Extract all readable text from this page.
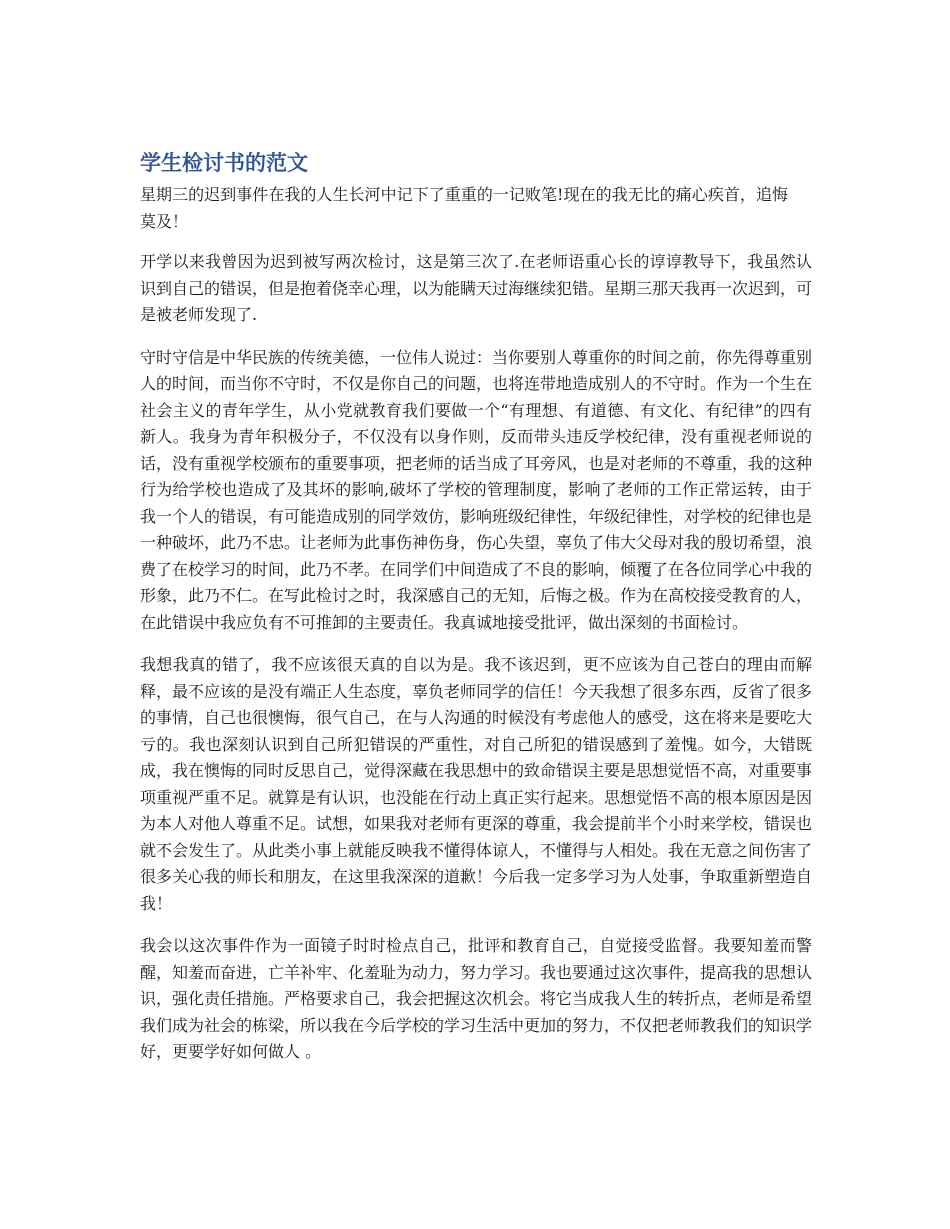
学生检讨书的范文

星期三的迟到事件在我的人生长河中记下了重重的一记败笔!现在的我无比的痛心疾首，追悔莫及！

开学以来我曾因为迟到被写两次检讨，这是第三次了.在老师语重心长的谆谆教导下，我虽然认识到自己的错误，但是抱着侥幸心理，以为能瞒天过海继续犯错。星期三那天我再一次迟到，可是被老师发现了.

守时守信是中华民族的传统美德，一位伟人说过：当你要别人尊重你的时间之前，你先得尊重别人的时间，而当你不守时，不仅是你自己的问题，也将连带地造成别人的不守时。作为一个生在社会主义的青年学生，从小党就教育我们要做一个“有理想、有道德、有文化、有纪律”的四有新人。我身为青年积极分子，不仅没有以身作则，反而带头违反学校纪律，没有重视老师说的话，没有重视学校颁布的重要事项，把老师的话当成了耳旁风，也是对老师的不尊重，我的这种行为给学校也造成了及其坏的影响,破坏了学校的管理制度，影响了老师的工作正常运转，由于我一个人的错误，有可能造成别的同学效仿，影响班级纪律性，年级纪律性，对学校的纪律也是一种破坏，此乃不忠。让老师为此事伤神伤身，伤心失望，辜负了伟大父母对我的殷切希望，浪费了在校学习的时间，此乃不孝。在同学们中间造成了不良的影响，倾覆了在各位同学心中我的形象，此乃不仁。在写此检讨之时，我深感自己的无知，后悔之极。作为在高校接受教育的人，在此错误中我应负有不可推卸的主要责任。我真诚地接受批评，做出深刻的书面检讨。

我想我真的错了，我不应该很天真的自以为是。我不该迟到，更不应该为自己苍白的理由而解释，最不应该的是没有端正人生态度，辜负老师同学的信任！今天我想了很多东西，反省了很多的事情，自己也很懊悔，很气自己，在与人沟通的时候没有考虑他人的感受，这在将来是要吃大亏的。我也深刻认识到自己所犯错误的严重性，对自己所犯的错误感到了羞愧。如今，大错既成，我在懊悔的同时反思自己，觉得深藏在我思想中的致命错误主要是思想觉悟不高，对重要事项重视严重不足。就算是有认识，也没能在行动上真正实行起来。思想觉悟不高的根本原因是因为本人对他人尊重不足。试想，如果我对老师有更深的尊重，我会提前半个小时来学校，错误也就不会发生了。从此类小事上就能反映我不懂得体谅人，不懂得与人相处。我在无意之间伤害了很多关心我的师长和朋友，在这里我深深的道歉！今后我一定多学习为人处事，争取重新塑造自我！

我会以这次事件作为一面镜子时时检点自己，批评和教育自己，自觉接受监督。我要知羞而警醒，知羞而奋进，亡羊补牢、化羞耻为动力，努力学习。我也要通过这次事件，提高我的思想认识，强化责任措施。严格要求自己，我会把握这次机会。将它当成我人生的转折点，老师是希望我们成为社会的栋梁，所以我在今后学校的学习生活中更加的努力，不仅把老师教我们的知识学好，更要学好如何做人 。
